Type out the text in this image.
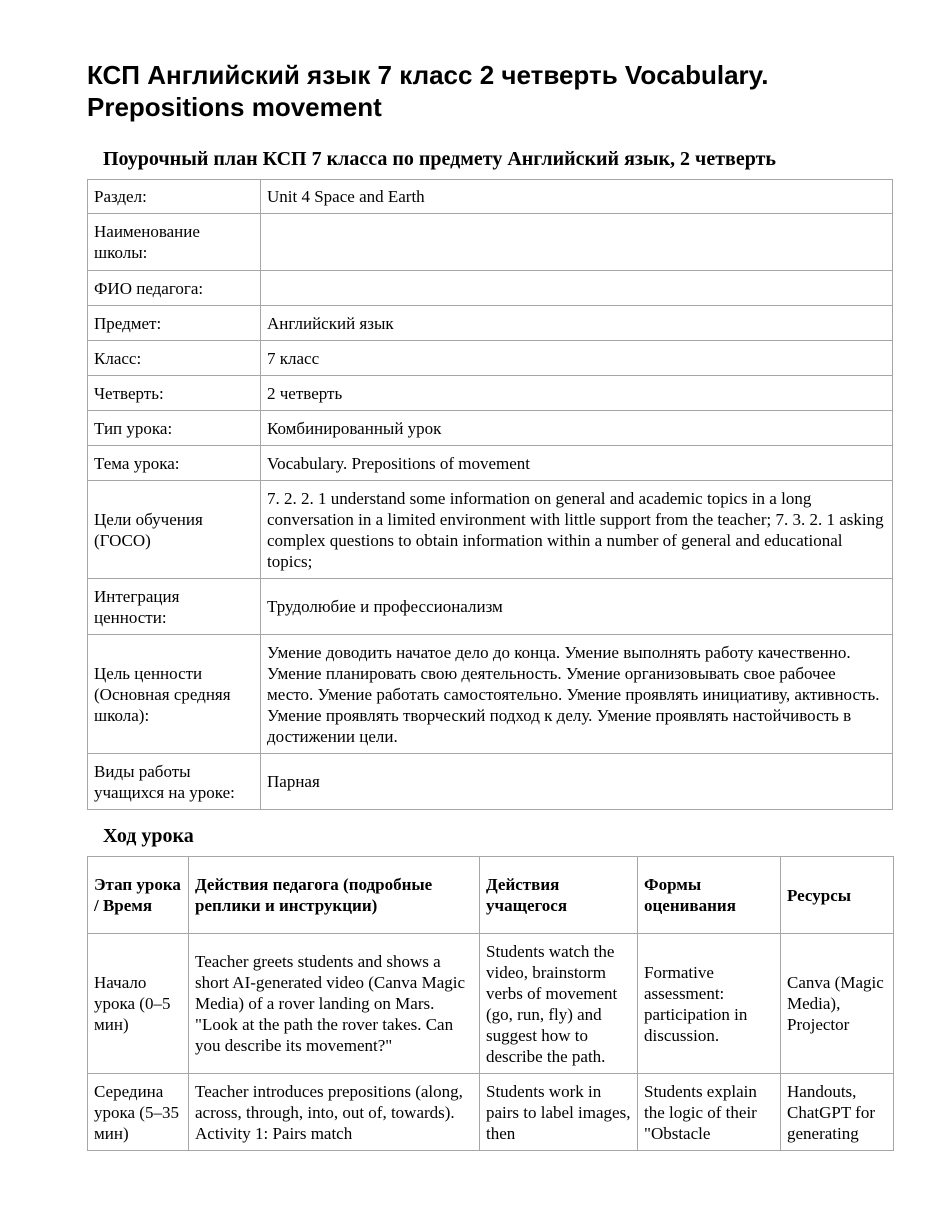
КСП Английский язык 7 класс 2 четверть Vocabulary. Prepositions movement
Поурочный план КСП 7 класса по предмету Английский язык, 2 четверть
Раздел:	Unit 4 Space and Earth
Наименование школы:	
ФИО педагога:	
Предмет:	Английский язык
Класс:	7 класс
Четверть:	2 четверть
Тип урока:	Комбинированный урок
Тема урока:	Vocabulary. Prepositions of movement
Цели обучения (ГОСО)	7. 2. 2. 1 understand some information on general and academic topics in a long conversation in a limited environment with little support from the teacher; 7. 3. 2. 1 asking complex questions to obtain information within a number of general and educational topics;
Интеграция ценности:	Трудолюбие и профессионализм
Цель ценности (Основная средняя школа):	Умение доводить начатое дело до конца. Умение выполнять работу качественно. Умение планировать свою деятельность. Умение организовывать свое рабочее место. Умение работать самостоятельно. Умение проявлять инициативу, активность. Умение проявлять творческий подход к делу. Умение проявлять настойчивость в достижении цели.
Виды работы учащихся на уроке:	Парная
Ход урока
Этап урока / Время	Действия педагога (подробные реплики и инструкции)	Действия учащегося	Формы оценивания	Ресурсы
Начало урока (0–5 мин)	Teacher greets students and shows a short AI-generated video (Canva Magic Media) of a rover landing on Mars. "Look at the path the rover takes. Can you describe its movement?"	Students watch the video, brainstorm verbs of movement (go, run, fly) and suggest how to describe the path.	Formative assessment: participation in discussion.	Canva (Magic Media), Projector
Середина урока (5–35 мин)	Teacher introduces prepositions (along, across, through, into, out of, towards). Activity 1: Pairs match	Students work in pairs to label images, then	Students explain the logic of their "Obstacle	Handouts, ChatGPT for generating
